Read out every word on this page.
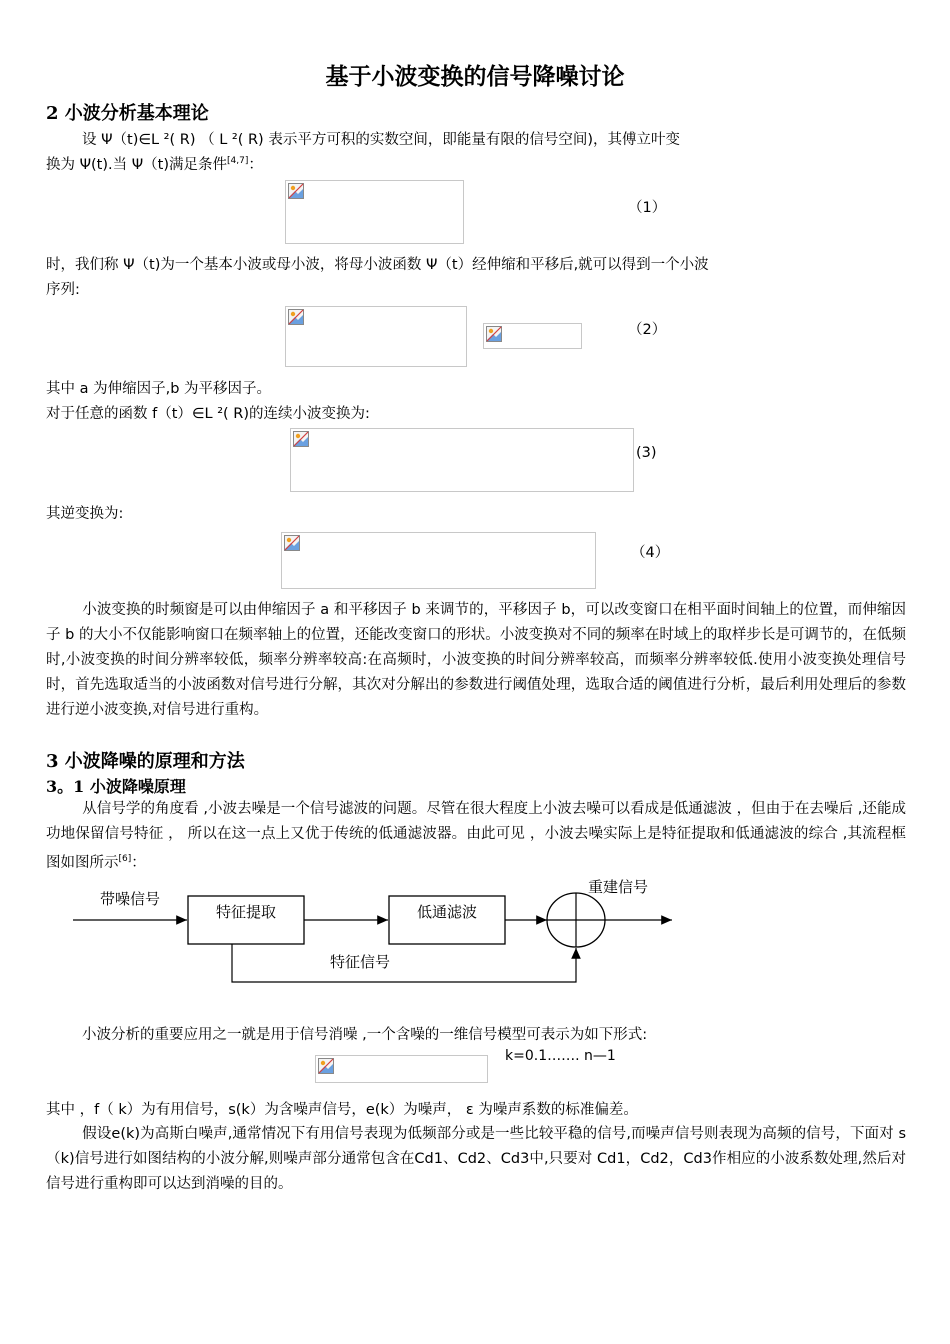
基于小波变换的信号降噪讨论
2 小波分析基本理论
设 Ψ（t)∈L ²( R) （ L ²( R) 表示平方可积的实数空间，即能量有限的信号空间)，其傅立叶变
换为 Ψ(t).当 Ψ（t)满足条件[4,7]：
（1）
时，我们称 Ψ（t)为一个基本小波或母小波，将母小波函数 Ψ（t）经伸缩和平移后,就可以得到一个小波
序列:
（2）
其中 a 为伸缩因子,b 为平移因子。
对于任意的函数 f（t）∈L ²( R)的连续小波变换为:
(3)
其逆变换为:
（4）
小波变换的时频窗是可以由伸缩因子 a 和平移因子 b 来调节的，平移因子 b，可以改变窗口在相平面时间轴上的位置，而伸缩因子 b 的大小不仅能影响窗口在频率轴上的位置，还能改变窗口的形状。小波变换对不同的频率在时域上的取样步长是可调节的，在低频时,小波变换的时间分辨率较低，频率分辨率较高:在高频时，小波变换的时间分辨率较高，而频率分辨率较低.使用小波变换处理信号时，首先选取适当的小波函数对信号进行分解，其次对分解出的参数进行阈值处理，选取合适的阈值进行分析，最后利用处理后的参数进行逆小波变换,对信号进行重构。
3 小波降噪的原理和方法
3。1 小波降噪原理
从信号学的角度看 ,小波去噪是一个信号滤波的问题。尽管在很大程度上小波去噪可以看成是低通滤波 ，但由于在去噪后 ,还能成功地保留信号特征 ， 所以在这一点上又优于传统的低通滤波器。由此可见 ，小波去噪实际上是特征提取和低通滤波的综合 ,其流程框图如图所示[6]：
带噪信号
特征提取	低通滤波
重建信号
特征信号
小波分析的重要应用之一就是用于信号消噪 ,一个含噪的一维信号模型可表示为如下形式:
k=0.1……. n—1
其中 ，f（ k）为有用信号，s(k）为含噪声信号，e(k）为噪声， ε 为噪声系数的标准偏差。
假设e(k)为高斯白噪声,通常情况下有用信号表现为低频部分或是一些比较平稳的信号,而噪声信号则表现为高频的信号，下面对 s（k)信号进行如图结构的小波分解,则噪声部分通常包含在Cd1、Cd2、Cd3中,只要对 Cd1，Cd2，Cd3作相应的小波系数处理,然后对信号进行重构即可以达到消噪的目的。
